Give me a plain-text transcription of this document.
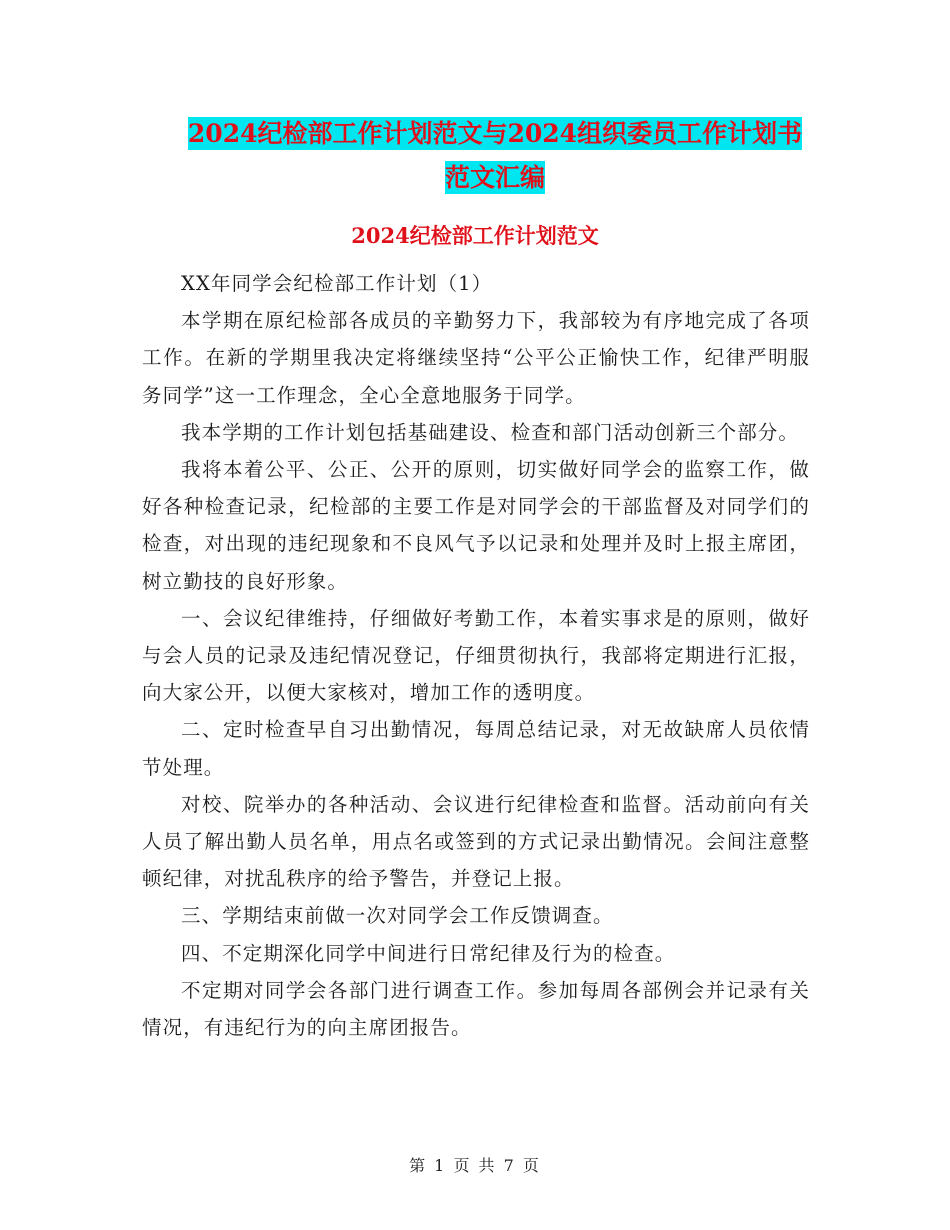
2024纪检部工作计划范文与2024组织委员工作计划书
范文汇编
2024纪检部工作计划范文

XX年同学会纪检部工作计划（1）

本学期在原纪检部各成员的辛勤努力下，我部较为有序地完成了各项工作。在新的学期里我决定将继续坚持“公平公正愉快工作，纪律严明服务同学”这一工作理念，全心全意地服务于同学。

我本学期的工作计划包括基础建设、检查和部门活动创新三个部分。

我将本着公平、公正、公开的原则，切实做好同学会的监察工作，做好各种检查记录，纪检部的主要工作是对同学会的干部监督及对同学们的检查，对出现的违纪现象和不良风气予以记录和处理并及时上报主席团，树立勤技的良好形象。

一、会议纪律维持，仔细做好考勤工作，本着实事求是的原则，做好与会人员的记录及违纪情况登记，仔细贯彻执行，我部将定期进行汇报，向大家公开，以便大家核对，增加工作的透明度。

二、定时检查早自习出勤情况，每周总结记录，对无故缺席人员依情节处理。

对校、院举办的各种活动、会议进行纪律检查和监督。活动前向有关人员了解出勤人员名单，用点名或签到的方式记录出勤情况。会间注意整顿纪律，对扰乱秩序的给予警告，并登记上报。

三、学期结束前做一次对同学会工作反馈调查。

四、不定期深化同学中间进行日常纪律及行为的检查。

不定期对同学会各部门进行调查工作。参加每周各部例会并记录有关情况，有违纪行为的向主席团报告。

第 1 页 共 7 页
